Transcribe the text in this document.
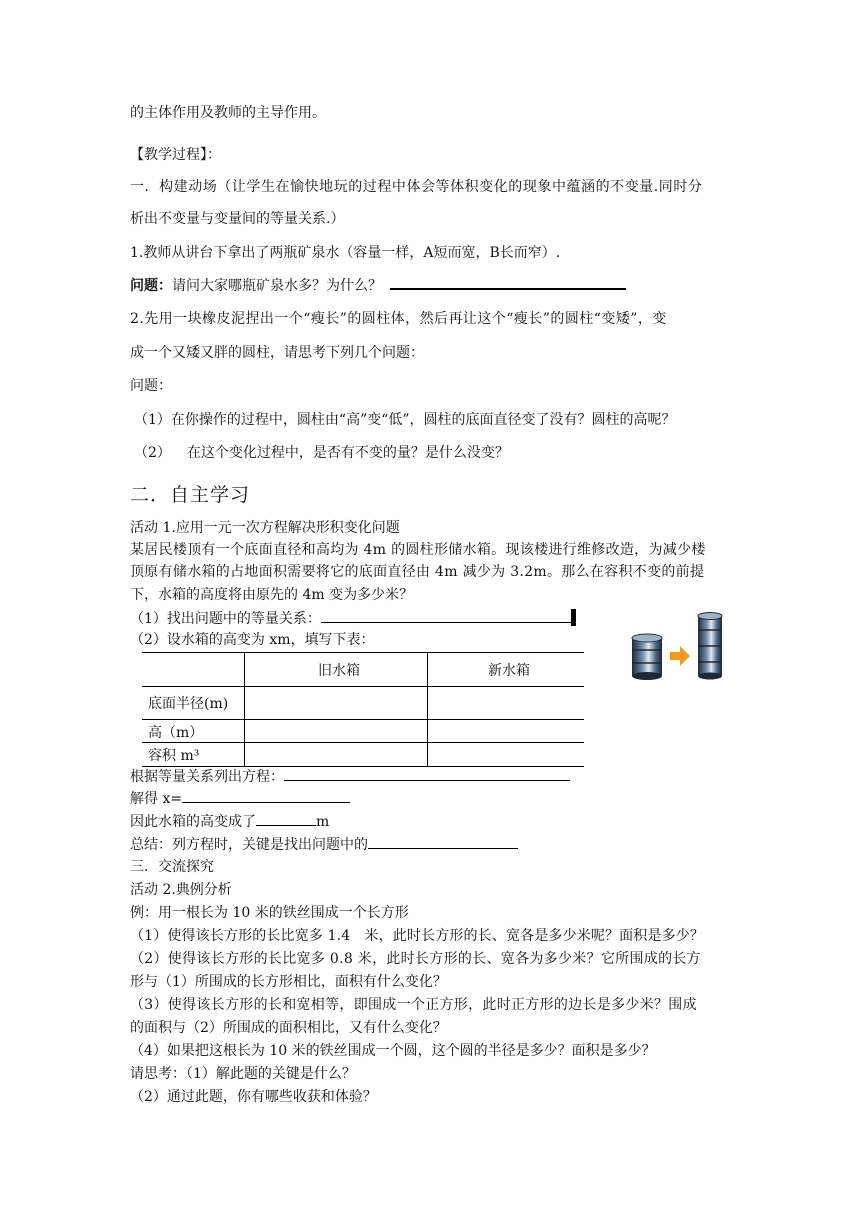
的主体作用及教师的主导作用。
【教学过程】：
一．构建动场（让学生在愉快地玩的过程中体会等体积变化的现象中蕴涵的不变量.同时分
析出不变量与变量间的等量关系.）
1.教师从讲台下拿出了两瓶矿泉水（容量一样，A短而宽，B长而窄）.
问题：请问大家哪瓶矿泉水多？为什么？
2.先用一块橡皮泥捏出一个“瘦长”的圆柱体，然后再让这个“瘦长”的圆柱“变矮”，变
成一个又矮又胖的圆柱，请思考下列几个问题：
问题：
（1）在你操作的过程中，圆柱由“高”变“低”，圆柱的底面直径变了没有？圆柱的高呢？
（2） 在这个变化过程中，是否有不变的量？是什么没变？
二．自主学习
活动 1.应用一元一次方程解决形积变化问题
某居民楼顶有一个底面直径和高均为 4m 的圆柱形储水箱。现该楼进行维修改造，为减少楼
顶原有储水箱的占地面积需要将它的底面直径由 4m 减少为 3.2m。那么在容积不变的前提
下，水箱的高度将由原先的 4m 变为多少米？
（1）找出问题中的等量关系：
（2）设水箱的高变为 xm，填写下表：
	旧水箱	新水箱
底面半径(m)		
高（m）		
容积 m³		
根据等量关系列出方程：
解得 x=
因此水箱的高变成了	m
总结：列方程时，关键是找出问题中的
三．交流探究
活动 2.典例分析
例：用一根长为 10 米的铁丝围成一个长方形
（1）使得该长方形的长比宽多 1.4　米，此时长方形的长、宽各是多少米呢？面积是多少？
（2）使得该长方形的长比宽多 0.8 米，此时长方形的长、宽各为多少米？它所围成的长方
形与（1）所围成的长方形相比，面积有什么变化？
（3）使得该长方形的长和宽相等，即围成一个正方形，此时正方形的边长是多少米？围成
的面积与（2）所围成的面积相比，又有什么变化？
（4）如果把这根长为 10 米的铁丝围成一个圆，这个圆的半径是多少？面积是多少？
请思考：（1）解此题的关键是什么？
（2）通过此题，你有哪些收获和体验？
